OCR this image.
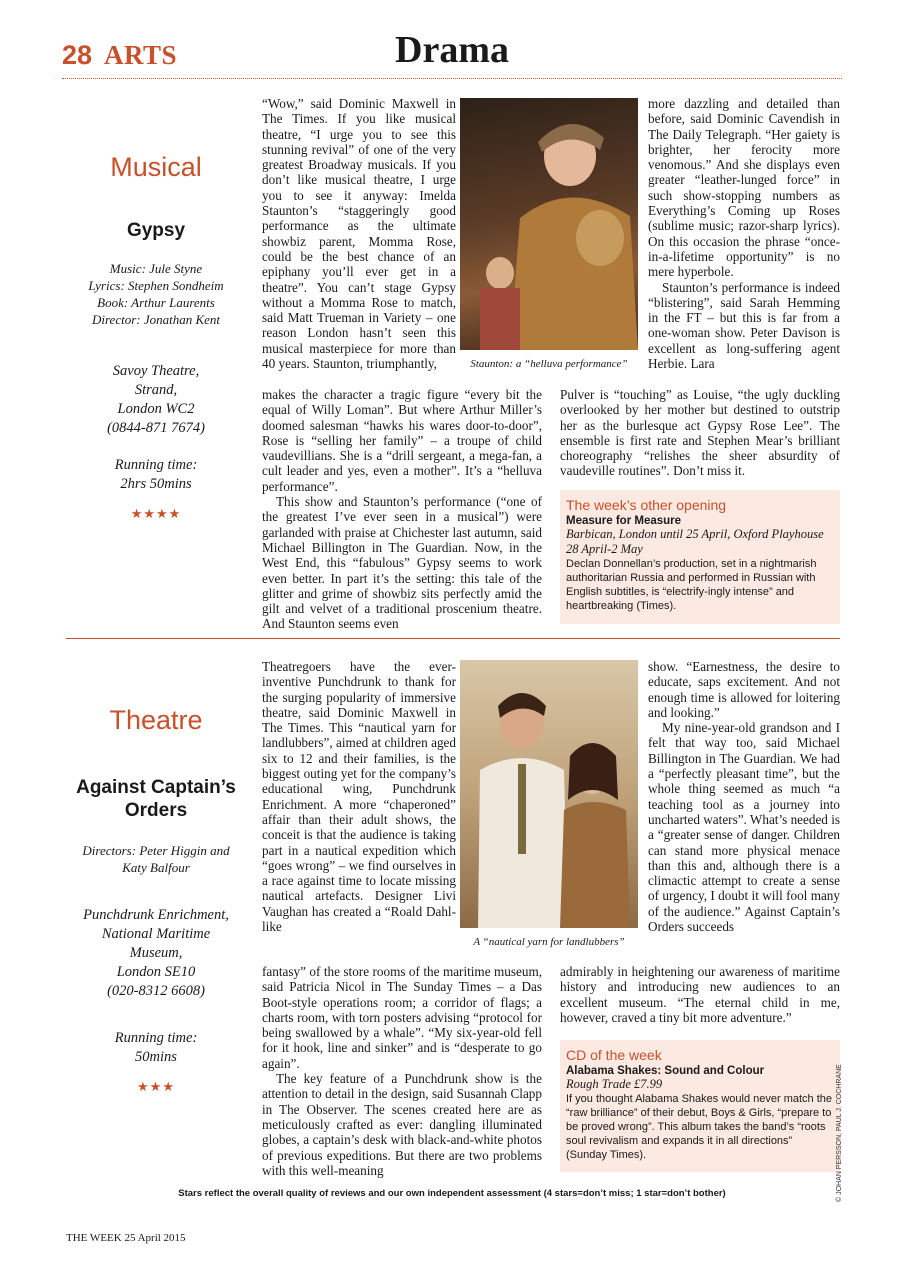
28 ARTS	Drama
Musical
Gypsy
Music: Jule Styne
Lyrics: Stephen Sondheim
Book: Arthur Laurents
Director: Jonathan Kent
Savoy Theatre,
Strand,
London WC2
(0844-871 7674)
Running time:
2hrs 50mins
★★★★

“Wow,” said Dominic Maxwell in The Times. If you like musical theatre, “I urge you to see this stunning revival” of one of the very greatest Broadway musicals. If you don’t like musical theatre, I urge you to see it anyway: Imelda Staunton’s “staggeringly good performance as the ultimate showbiz parent, Momma Rose, could be the best chance of an epiphany you’ll ever get in a theatre”. You can’t stage Gypsy without a Momma Rose to match, said Matt Trueman in Variety – one reason London hasn’t seen this musical masterpiece for more than 40 years. Staunton, triumphantly,

makes the character a tragic figure “every bit the equal of Willy Loman”. But where Arthur Miller’s doomed salesman “hawks his wares door-to-door”, Rose is “selling her family” – a troupe of child vaudevillians. She is a “drill sergeant, a mega-fan, a cult leader and yes, even a mother”. It’s a “helluva performance”.

This show and Staunton’s performance (“one of the greatest I’ve ever seen in a musical”) were garlanded with praise at Chichester last autumn, said Michael Billington in The Guardian. Now, in the West End, this “fabulous” Gypsy seems to work even better. In part it’s the setting: this tale of the glitter and grime of showbiz sits perfectly amid the gilt and velvet of a traditional proscenium theatre. And Staunton seems even

Staunton: a “helluva performance”

more dazzling and detailed than before, said Dominic Cavendish in The Daily Telegraph. “Her gaiety is brighter, her ferocity more venomous.” And she displays even greater “leather-lunged force” in such show-stopping numbers as Everything’s Coming up Roses (sublime music; razor-sharp lyrics). On this occasion the phrase “once-in-a-lifetime opportunity” is no mere hyperbole.

Staunton’s performance is indeed “blistering”, said Sarah Hemming in the FT – but this is far from a one-woman show. Peter Davison is excellent as long-suffering agent Herbie. Lara

Pulver is “touching” as Louise, “the ugly duckling overlooked by her mother but destined to outstrip her as the burlesque act Gypsy Rose Lee”. The ensemble is first rate and Stephen Mear’s brilliant choreography “relishes the sheer absurdity of vaudeville routines”. Don’t miss it.

The week’s other opening
Measure for Measure
Barbican, London until 25 April, Oxford Playhouse 28 April-2 May
Declan Donnellan’s production, set in a nightmarish authoritarian Russia and performed in Russian with English subtitles, is “electrify-ingly intense” and heartbreaking (Times).
Theatre
Against Captain’s Orders
Directors: Peter Higgin and
Katy Balfour
Punchdrunk Enrichment,
National Maritime
Museum,
London SE10
(020-8312 6608)
Running time:
50mins
★★★

Theatregoers have the ever-inventive Punchdrunk to thank for the surging popularity of immersive theatre, said Dominic Maxwell in The Times. This “nautical yarn for landlubbers”, aimed at children aged six to 12 and their families, is the biggest outing yet for the company’s educational wing, Punchdrunk Enrichment. A more “chaperoned” affair than their adult shows, the conceit is that the audience is taking part in a nautical expedition which “goes wrong” – we find ourselves in a race against time to locate missing nautical artefacts. Designer Livi Vaughan has created a “Roald Dahl-like

fantasy” of the store rooms of the maritime museum, said Patricia Nicol in The Sunday Times – a Das Boot-style operations room; a corridor of flags; a charts room, with torn posters advising “protocol for being swallowed by a whale”. “My six-year-old fell for it hook, line and sinker” and is “desperate to go again”.

The key feature of a Punchdrunk show is the attention to detail in the design, said Susannah Clapp in The Observer. The scenes created here are as meticulously crafted as ever: dangling illuminated globes, a captain’s desk with black-and-white photos of previous expeditions. But there are two problems with this well-meaning

A “nautical yarn for landlubbers”

show. “Earnestness, the desire to educate, saps excitement. And not enough time is allowed for loitering and looking.”

My nine-year-old grandson and I felt that way too, said Michael Billington in The Guardian. We had a “perfectly pleasant time”, but the whole thing seemed as much “a teaching tool as a journey into uncharted waters”. What’s needed is a “greater sense of danger. Children can stand more physical menace than this and, although there is a climactic attempt to create a sense of urgency, I doubt it will fool many of the audience.” Against Captain’s Orders succeeds

admirably in heightening our awareness of maritime history and introducing new audiences to an excellent museum. “The eternal child in me, however, craved a tiny bit more adventure.”

CD of the week
Alabama Shakes: Sound and Colour
Rough Trade £7.99
If you thought Alabama Shakes would never match the “raw brilliance” of their debut, Boys & Girls, “prepare to be proved wrong”. This album takes the band’s “roots soul revivalism and expands it in all directions” (Sunday Times).
Stars reflect the overall quality of reviews and our own independent assessment (4 stars=don’t miss; 1 star=don’t bother)
THE WEEK 25 April 2015
© JOHAN PERSSON, PAUL J. COCHRANE
